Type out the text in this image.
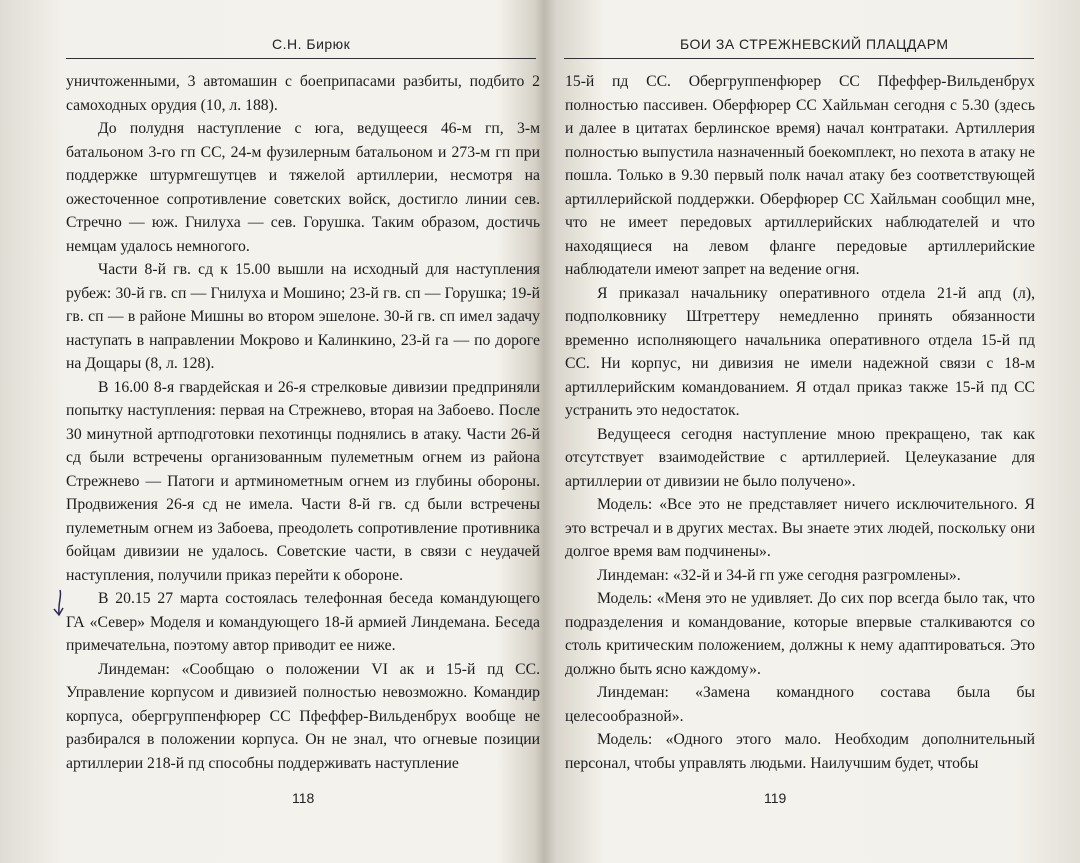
С.Н. Бирюк

уничтоженными, 3 автомашин с боеприпасами разбиты, подбито 2 самоходных орудия (10, л. 188).

До полудня наступление с юга, ведущееся 46-м гп, 3-м батальоном 3-го гп СС, 24-м фузилерным батальоном и 273-м гп при поддержке штурмгешутцев и тяжелой артиллерии, несмотря на ожесточенное сопротивление советских войск, достигло линии сев. Стречно — юж. Гнилуха — сев. Горушка. Таким образом, достичь немцам удалось немногого.

Части 8-й гв. сд к 15.00 вышли на исходный для наступления рубеж: 30-й гв. сп — Гнилуха и Мошино; 23-й гв. сп — Горушка; 19-й гв. сп — в районе Мишны во втором эшелоне. 30-й гв. сп имел задачу наступать в направлении Мокрово и Калинкино, 23-й га — по дороге на Дощары (8, л. 128).

В 16.00 8-я гвардейская и 26-я стрелковые дивизии предприняли попытку наступления: первая на Стрежнево, вторая на Забоево. После 30 минутной артподготовки пехотинцы поднялись в атаку. Части 26-й сд были встречены организованным пулеметным огнем из района Стрежнево — Патоги и артминометным огнем из глубины обороны. Продвижения 26-я сд не имела. Части 8-й гв. сд были встречены пулеметным огнем из Забоева, преодолеть сопротивление противника бойцам дивизии не удалось. Советские части, в связи с неудачей наступления, получили приказ перейти к обороне.

В 20.15 27 марта состоялась телефонная беседа командующего ГА «Север» Моделя и командующего 18-й армией Линдемана. Беседа примечательна, поэтому автор приводит ее ниже.

Линдеман: «Сообщаю о положении VI ак и 15-й пд СС. Управление корпусом и дивизией полностью невозможно. Командир корпуса, обергруппенфюрер СС Пфеффер-Вильденбрух вообще не разбирался в положении корпуса. Он не знал, что огневые позиции артиллерии 218-й пд способны поддерживать наступление

118
БОИ ЗА СТРЕЖНЕВСКИЙ ПЛАЦДАРМ

15-й пд СС. Обергруппенфюрер СС Пфеффер-Вильденбрух полностью пассивен. Оберфюрер СС Хайльман сегодня с 5.30 (здесь и далее в цитатах берлинское время) начал контратаки. Артиллерия полностью выпустила назначенный боекомплект, но пехота в атаку не пошла. Только в 9.30 первый полк начал атаку без соответствующей артиллерийской поддержки. Оберфюрер СС Хайльман сообщил мне, что не имеет передовых артиллерийских наблюдателей и что находящиеся на левом фланге передовые артиллерийские наблюдатели имеют запрет на ведение огня.

Я приказал начальнику оперативного отдела 21-й апд (л), подполковнику Штреттеру немедленно принять обязанности временно исполняющего начальника оперативного отдела 15-й пд СС. Ни корпус, ни дивизия не имели надежной связи с 18-м артиллерийским командованием. Я отдал приказ также 15-й пд СС устранить это недостаток.

Ведущееся сегодня наступление мною прекращено, так как отсутствует взаимодействие с артиллерией. Целеуказание для артиллерии от дивизии не было получено».

Модель: «Все это не представляет ничего исключительного. Я это встречал и в других местах. Вы знаете этих людей, поскольку они долгое время вам подчинены».

Линдеман: «32-й и 34-й гп уже сегодня разгромлены».

Модель: «Меня это не удивляет. До сих пор всегда было так, что подразделения и командование, которые впервые сталкиваются со столь критическим положением, должны к нему адаптироваться. Это должно быть ясно каждому».

Линдеман: «Замена командного состава была бы целесообразной».

Модель: «Одного этого мало. Необходим дополнительный персонал, чтобы управлять людьми. Наилучшим будет, чтобы

119
